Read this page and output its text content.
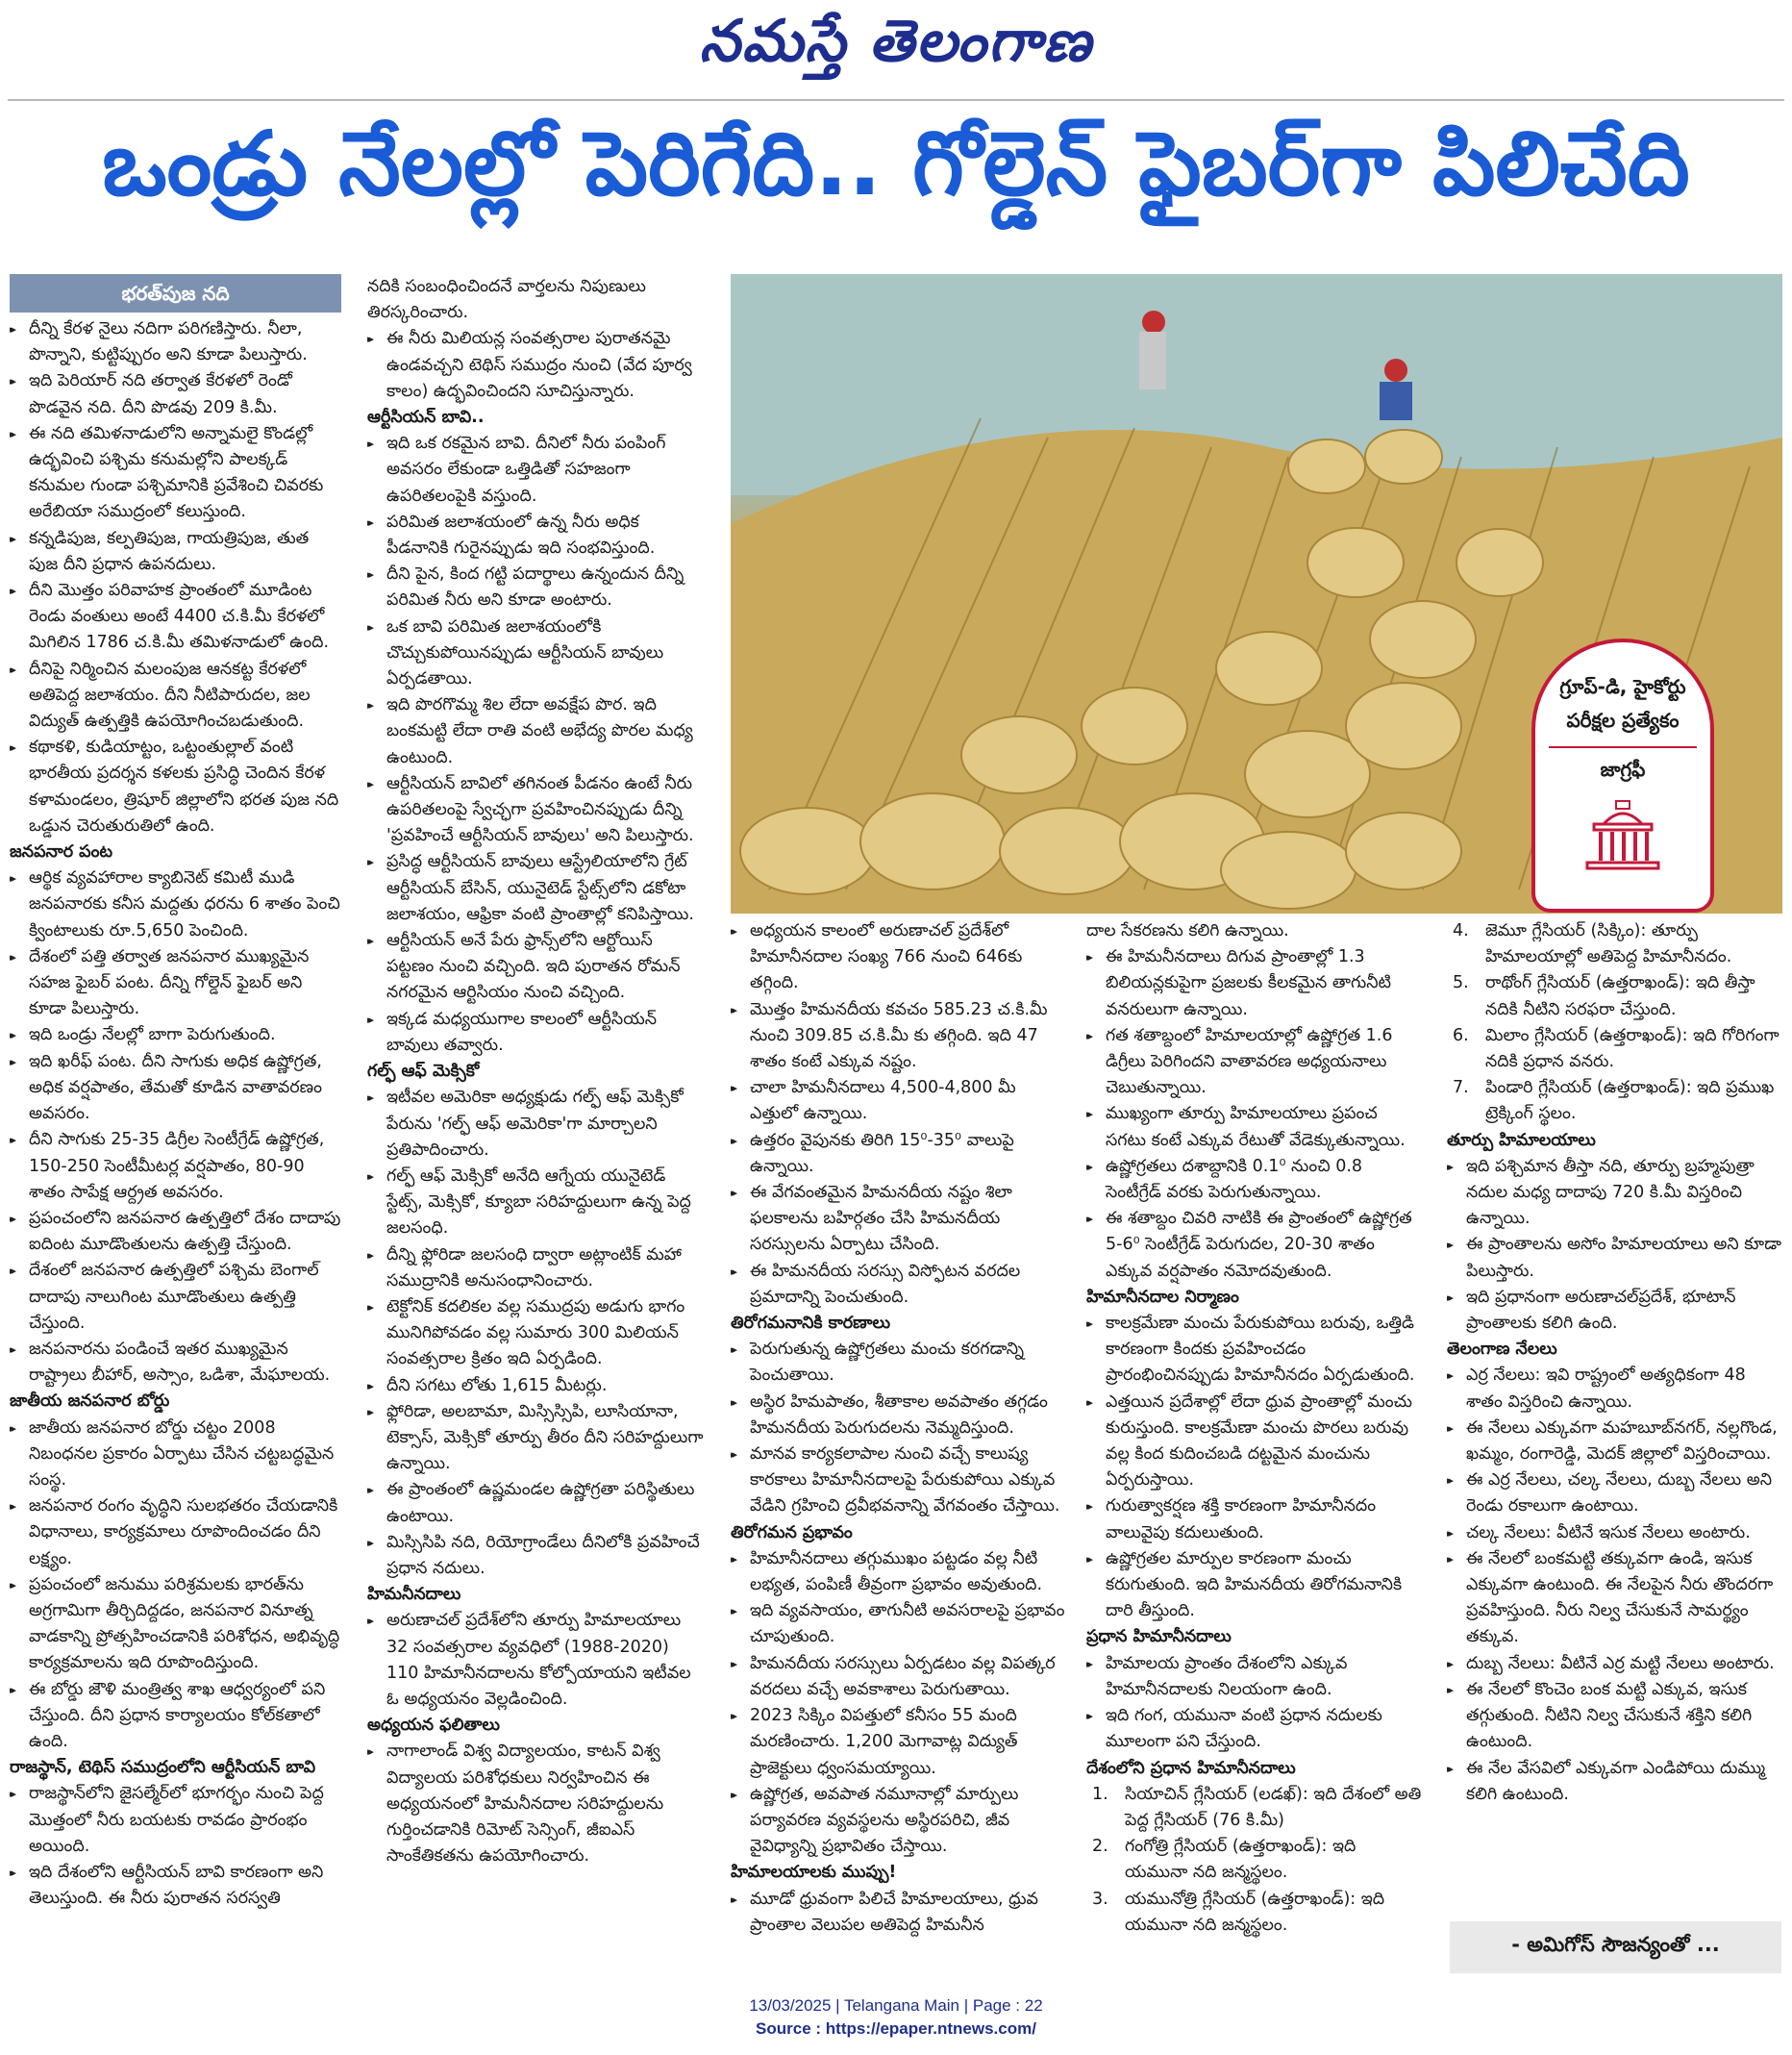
నమస్తే తెలంగాణ
ఒండ్రు నేలల్లో పెరిగేది.. గోల్డెన్ ఫైబర్‌గా పిలిచేది
భరత్‌పుజ నది

▸▸ దీన్ని కేరళ నైలు నదిగా పరిగణిస్తారు. నీలా, పొన్నాని, కుట్టిప్పురం అని కూడా పిలుస్తారు.

▸▸ ఇది పెరియార్ నది తర్వాత కేరళలో రెండో పొడవైన నది. దీని పొడవు 209 కి.మీ.

▸▸ ఈ నది తమిళనాడులోని అన్నామలై కొండల్లో ఉద్భవించి పశ్చిమ కనుమల్లోని పాలక్కడ్ కనుమల గుండా పశ్చిమానికి ప్రవేశించి చివరకు అరేబియా సముద్రంలో కలుస్తుంది.

▸▸ కన్నడిపుజ, కల్పతిపుజ, గాయత్రిపుజ, తుత పుజ దీని ప్రధాన ఉపనదులు.

▸▸ దీని మొత్తం పరివాహక ప్రాంతంలో మూడింట రెండు వంతులు అంటే 4400 చ.కి.మీ కేరళలో మిగిలిన 1786 చ.కి.మీ తమిళనాడులో ఉంది.

▸▸ దీనిపై నిర్మించిన మలంపుజ ఆనకట్ట కేరళలో అతిపెద్ద జలాశయం. దీని నీటిపారుదల, జల విద్యుత్ ఉత్పత్తికి ఉపయోగించబడుతుంది.

▸▸ కథాకళి, కుడియాట్టం, ఒట్టంతుల్లాల్ వంటి భారతీయ ప్రదర్శన కళలకు ప్రసిద్ధి చెందిన కేరళ కళామండలం, త్రిషూర్ జిల్లాలోని భరత పుజ నది ఒడ్డున చెరుతురుతిలో ఉంది.

జనపనార పంట

▸▸ ఆర్థిక వ్యవహారాల క్యాబినెట్ కమిటీ ముడి జనపనారకు కనీస మద్దతు ధరను 6 శాతం పెంచి క్వింటాలుకు రూ.5,650 పెంచింది.

▸▸ దేశంలో పత్తి తర్వాత జనపనార ముఖ్యమైన సహజ ఫైబర్ పంట. దీన్ని గోల్డెన్ ఫైబర్ అని కూడా పిలుస్తారు.

▸▸ ఇది ఒండ్రు నేలల్లో బాగా పెరుగుతుంది.

▸▸ ఇది ఖరీఫ్ పంట. దీని సాగుకు అధిక ఉష్ణోగ్రత, అధిక వర్షపాతం, తేమతో కూడిన వాతావరణం అవసరం.

▸▸ దీని సాగుకు 25-35 డిగ్రీల సెంటీగ్రేడ్ ఉష్ణోగ్రత, 150-250 సెంటీమీటర్ల వర్షపాతం, 80-90 శాతం సాపేక్ష ఆర్ద్రత అవసరం.

▸▸ ప్రపంచంలోని జనపనార ఉత్పత్తిలో దేశం దాదాపు ఐదింట మూడొంతులను ఉత్పత్తి చేస్తుంది.

▸▸ దేశంలో జనపనార ఉత్పత్తిలో పశ్చిమ బెంగాల్ దాదాపు నాలుగింట మూడొంతులు ఉత్పత్తి చేస్తుంది.

▸▸ జనపనారను పండించే ఇతర ముఖ్యమైన రాష్ట్రాలు బీహార్, అస్సాం, ఒడిశా, మేఘాలయ.

జాతీయ జనపనార బోర్డు

▸▸ జాతీయ జనపనార బోర్డు చట్టం 2008 నిబంధనల ప్రకారం ఏర్పాటు చేసిన చట్టబద్ధమైన సంస్థ.

▸▸ జనపనార రంగం వృద్ధిని సులభతరం చేయడానికి విధానాలు, కార్యక్రమాలు రూపొందించడం దీని లక్ష్యం.

▸▸ ప్రపంచంలో జనుము పరిశ్రమలకు భారత్‌ను అగ్రగామిగా తీర్చిదిద్దడం, జనపనార వినూత్న వాడకాన్ని ప్రోత్సహించడానికి పరిశోధన, అభివృద్ధి కార్యక్రమాలను ఇది రూపొందిస్తుంది.

▸▸ ఈ బోర్డు జౌళి మంత్రిత్వ శాఖ ఆధ్వర్యంలో పని చేస్తుంది. దీని ప్రధాన కార్యాలయం కోల్‌కతాలో ఉంది.

రాజస్థాన్, టెథిస్ సముద్రంలోని ఆర్టీసియన్ బావి

▸▸ రాజస్థాన్‌లోని జైసల్మేర్‌లో భూగర్భం నుంచి పెద్ద మొత్తంలో నీరు బయటకు రావడం ప్రారంభం అయింది.

▸▸ ఇది దేశంలోని ఆర్టీసియన్ బావి కారణంగా అని తెలుస్తుంది. ఈ నీరు పురాతన సరస్వతి

నదికి సంబంధించిందనే వార్తలను నిపుణులు తిరస్కరించారు.

▸▸ ఈ నీరు మిలియన్ల సంవత్సరాల పురాతనమై ఉండవచ్చని టెథిస్ సముద్రం నుంచి (వేద పూర్వ కాలం) ఉద్భవించిందని సూచిస్తున్నారు.

ఆర్టీసియన్ బావి..

▸▸ ఇది ఒక రకమైన బావి. దీనిలో నీరు పంపింగ్ అవసరం లేకుండా ఒత్తిడితో సహజంగా ఉపరితలంపైకి వస్తుంది.

▸▸ పరిమిత జలాశయంలో ఉన్న నీరు అధిక పీడనానికి గురైనప్పుడు ఇది సంభవిస్తుంది.

▸▸ దీని పైన, కింద గట్టి పదార్థాలు ఉన్నందున దీన్ని పరిమిత నీరు అని కూడా అంటారు.

▸▸ ఒక బావి పరిమిత జలాశయంలోకి చొచ్చుకుపోయినప్పుడు ఆర్టీసియన్ బావులు ఏర్పడతాయి.

▸▸ ఇది పొరగొమ్మ శిల లేదా అవక్షేప పొర. ఇది బంకమట్టి లేదా రాతి వంటి అభేద్య పొరల మధ్య ఉంటుంది.

▸▸ ఆర్టీసియన్ బావిలో తగినంత పీడనం ఉంటే నీరు ఉపరితలంపై స్వేచ్ఛగా ప్రవహించినప్పుడు దీన్ని 'ప్రవహించే ఆర్టీసియన్ బావులు' అని పిలుస్తారు.

▸▸ ప్రసిద్ధ ఆర్టీసియన్ బావులు ఆస్ట్రేలియాలోని గ్రేట్ ఆర్టీసియన్ బేసిన్, యునైటెడ్ స్టేట్స్‌లోని డకోటా జలాశయం, ఆఫ్రికా వంటి ప్రాంతాల్లో కనిపిస్తాయి.

▸▸ ఆర్టీసియన్ అనే పేరు ఫ్రాన్స్‌లోని ఆర్టోయిస్ పట్టణం నుంచి వచ్చింది. ఇది పురాతన రోమన్ నగరమైన ఆర్టిసియం నుంచి వచ్చింది.

▸▸ ఇక్కడ మధ్యయుగాల కాలంలో ఆర్టీసియన్ బావులు తవ్వారు.

గల్ఫ్ ఆఫ్ మెక్సికో

▸▸ ఇటీవల అమెరికా అధ్యక్షుడు గల్ఫ్ ఆఫ్ మెక్సికో పేరును 'గల్ఫ్ ఆఫ్ అమెరికా'గా మార్చాలని ప్రతిపాదించారు.

▸▸ గల్ఫ్ ఆఫ్ మెక్సికో అనేది ఆగ్నేయ యునైటెడ్ స్టేట్స్, మెక్సికో, క్యూబా సరిహద్దులుగా ఉన్న పెద్ద జలసంధి.

▸▸ దీన్ని ఫ్లోరిడా జలసంధి ద్వారా అట్లాంటిక్ మహా సముద్రానికి అనుసంధానించారు.

▸▸ టెక్టోనిక్ కదలికల వల్ల సముద్రపు అడుగు భాగం మునిగిపోవడం వల్ల సుమారు 300 మిలియన్ సంవత్సరాల క్రితం ఇది ఏర్పడింది.

▸▸ దీని సగటు లోతు 1,615 మీటర్లు.

▸▸ ఫ్లోరిడా, అలబామా, మిస్సిస్సిపి, లూసియానా, టెక్సాస్, మెక్సికో తూర్పు తీరం దీని సరిహద్దులుగా ఉన్నాయి.

▸▸ ఈ ప్రాంతంలో ఉష్ణమండల ఉష్ణోగ్రతా పరిస్థితులు ఉంటాయి.

▸▸ మిస్సిసిపి నది, రియోగ్రాండేలు దీనిలోకి ప్రవహించే ప్రధాన నదులు.

హిమనీనదాలు

▸▸ అరుణాచల్ ప్రదేశ్‌లోని తూర్పు హిమాలయాలు 32 సంవత్సరాల వ్యవధిలో (1988-2020) 110 హిమానీనదాలను కోల్పోయాయని ఇటీవల ఓ అధ్యయనం వెల్లడించింది.

అధ్యయన ఫలితాలు

▸▸ నాగాలాండ్ విశ్వ విద్యాలయం, కాటన్ విశ్వ విద్యాలయ పరిశోధకులు నిర్వహించిన ఈ అధ్యయనంలో హిమనీనదాల సరిహద్దులను గుర్తించడానికి రిమోట్ సెన్సింగ్, జీఐఎస్ సాంకేతికతను ఉపయోగించారు.

గ్రూప్-డి, హైకోర్టు
పరీక్షల ప్రత్యేకం
జాగ్రఫీ

▸▸ అధ్యయన కాలంలో అరుణాచల్ ప్రదేశ్‌లో హిమానీనదాల సంఖ్య 766 నుంచి 646కు తగ్గింది.

▸▸ మొత్తం హిమనదీయ కవచం 585.23 చ.కి.మీ నుంచి 309.85 చ.కి.మీ కు తగ్గింది. ఇది 47 శాతం కంటే ఎక్కువ నష్టం.

▸▸ చాలా హిమనీనదాలు 4,500-4,800 మీ ఎత్తులో ఉన్నాయి.

▸▸ ఉత్తరం వైపునకు తిరిగి 15⁰-35⁰ వాలుపై ఉన్నాయి.

▸▸ ఈ వేగవంతమైన హిమనదీయ నష్టం శిలా ఫలకాలను బహిర్గతం చేసి హిమనదీయ సరస్సులను ఏర్పాటు చేసింది.

▸▸ ఈ హిమనదీయ సరస్సు విస్ఫోటన వరదల ప్రమాదాన్ని పెంచుతుంది.

తిరోగమనానికి కారణాలు

▸▸ పెరుగుతున్న ఉష్ణోగ్రతలు మంచు కరగడాన్ని పెంచుతాయి.

▸▸ అస్థిర హిమపాతం, శీతాకాల అవపాతం తగ్గడం హిమనదీయ పెరుగుదలను నెమ్మదిస్తుంది.

▸▸ మానవ కార్యకలాపాల నుంచి వచ్చే కాలుష్య కారకాలు హిమానీనదాలపై పేరుకుపోయి ఎక్కువ వేడిని గ్రహించి ద్రవీభవనాన్ని వేగవంతం చేస్తాయి.

తిరోగమన ప్రభావం

▸▸ హిమానీనదాలు తగ్గుముఖం పట్టడం వల్ల నీటి లభ్యత, పంపిణీ తీవ్రంగా ప్రభావం అవుతుంది.

▸▸ ఇది వ్యవసాయం, తాగునీటి అవసరాలపై ప్రభావం చూపుతుంది.

▸▸ హిమనదీయ సరస్సులు ఏర్పడటం వల్ల విపత్కర వరదలు వచ్చే అవకాశాలు పెరుగుతాయి.

▸▸ 2023 సిక్కిం విపత్తులో కనీసం 55 మంది మరణించారు. 1,200 మెగావాట్ల విద్యుత్ ప్రాజెక్టులు ధ్వంసమయ్యాయి.

▸▸ ఉష్ణోగ్రత, అవపాత నమూనాల్లో మార్పులు పర్యావరణ వ్యవస్థలను అస్థిరపరిచి, జీవ వైవిధ్యాన్ని ప్రభావితం చేస్తాయి.

హిమాలయాలకు ముప్పు!

▸▸ మూడో ధ్రువంగా పిలిచే హిమాలయాలు, ధ్రువ ప్రాంతాల వెలుపల అతిపెద్ద హిమనీన

దాల సేకరణను కలిగి ఉన్నాయి.

▸▸ ఈ హిమనీనదాలు దిగువ ప్రాంతాల్లో 1.3 బిలియన్లకుపైగా ప్రజలకు కీలకమైన తాగునీటి వనరులుగా ఉన్నాయి.

▸▸ గత శతాబ్దంలో హిమాలయాల్లో ఉష్ణోగ్రత 1.6 డిగ్రీలు పెరిగిందని వాతావరణ అధ్యయనాలు చెబుతున్నాయి.

▸▸ ముఖ్యంగా తూర్పు హిమాలయాలు ప్రపంచ సగటు కంటే ఎక్కువ రేటుతో వేడెక్కుతున్నాయి.

▸▸ ఉష్ణోగ్రతలు దశాబ్దానికి 0.1⁰ నుంచి 0.8 సెంటీగ్రేడ్ వరకు పెరుగుతున్నాయి.

▸▸ ఈ శతాబ్దం చివరి నాటికి ఈ ప్రాంతంలో ఉష్ణోగ్రత 5-6⁰ సెంటీగ్రేడ్ పెరుగుదల, 20-30 శాతం ఎక్కువ వర్షపాతం నమోదవుతుంది.

హిమానీనదాల నిర్మాణం

▸▸ కాలక్రమేణా మంచు పేరుకుపోయి బరువు, ఒత్తిడి కారణంగా కిందకు ప్రవహించడం ప్రారంభించినప్పుడు హిమానీనదం ఏర్పడుతుంది.

▸▸ ఎత్తయిన ప్రదేశాల్లో లేదా ధ్రువ ప్రాంతాల్లో మంచు కురుస్తుంది. కాలక్రమేణా మంచు పొరలు బరువు వల్ల కింద కుదించబడి దట్టమైన మంచును ఏర్పరుస్తాయి.

▸▸ గురుత్వాకర్షణ శక్తి కారణంగా హిమానీనదం వాలువైపు కదులుతుంది.

▸▸ ఉష్ణోగ్రతల మార్పుల కారణంగా మంచు కరుగుతుంది. ఇది హిమనదీయ తిరోగమనానికి దారి తీస్తుంది.

ప్రధాన హిమానీనదాలు

▸▸ హిమాలయ ప్రాంతం దేశంలోని ఎక్కువ హిమానీనదాలకు నిలయంగా ఉంది.

▸▸ ఇది గంగ, యమునా వంటి ప్రధాన నదులకు మూలంగా పని చేస్తుంది.

దేశంలోని ప్రధాన హిమానీనదాలు

1. సియాచిన్ గ్లేసియర్ (లడఖ్): ఇది దేశంలో అతి పెద్ద గ్లేసియర్ (76 కి.మీ)

2. గంగోత్రి గ్లేసియర్ (ఉత్తరాఖండ్): ఇది యమునా నది జన్మస్థలం.

3. యమునోత్రి గ్లేసియర్ (ఉత్తరాఖండ్): ఇది యమునా నది జన్మస్థలం.

4. జెమూ గ్లేసియర్ (సిక్కిం): తూర్పు హిమాలయాల్లో అతిపెద్ద హిమానీనదం.

5. రాథోంగ్ గ్లేసియర్ (ఉత్తరాఖండ్): ఇది తీస్తా నదికి నీటిని సరఫరా చేస్తుంది.

6. మిలాం గ్లేసియర్ (ఉత్తరాఖండ్): ఇది గోరిగంగా నదికి ప్రధాన వనరు.

7. పిండారి గ్లేసియర్ (ఉత్తరాఖండ్): ఇది ప్రముఖ ట్రెక్కింగ్ స్థలం.

తూర్పు హిమాలయాలు

▸▸ ఇది పశ్చిమాన తీస్తా నది, తూర్పు బ్రహ్మపుత్రా నదుల మధ్య దాదాపు 720 కి.మీ విస్తరించి ఉన్నాయి.

▸▸ ఈ ప్రాంతాలను అసోం హిమాలయాలు అని కూడా పిలుస్తారు.

▸▸ ఇది ప్రధానంగా అరుణాచల్‌ప్రదేశ్, భూటాన్ ప్రాంతాలకు కలిగి ఉంది.

తెలంగాణ నేలలు

▸▸ ఎర్ర నేలలు: ఇవి రాష్ట్రంలో అత్యధికంగా 48 శాతం విస్తరించి ఉన్నాయి.

▸▸ ఈ నేలలు ఎక్కువగా మహబూబ్‌నగర్, నల్లగొండ, ఖమ్మం, రంగారెడ్డి, మెదక్ జిల్లాలో విస్తరించాయి.

▸▸ ఈ ఎర్ర నేలలు, చల్క నేలలు, దుబ్బ నేలలు అని రెండు రకాలుగా ఉంటాయి.

▸▸ చల్క నేలలు: వీటినే ఇసుక నేలలు అంటారు.

▸▸ ఈ నేలలో బంకమట్టి తక్కువగా ఉండి, ఇసుక ఎక్కువగా ఉంటుంది. ఈ నేలపైన నీరు తొందరగా ప్రవహిస్తుంది. నీరు నిల్వ చేసుకునే సామర్థ్యం తక్కువ.

▸▸ దుబ్బ నేలలు: వీటినే ఎర్ర మట్టి నేలలు అంటారు.

▸▸ ఈ నేలలో కొంచెం బంక మట్టి ఎక్కువ, ఇసుక తగ్గుతుంది. నీటిని నిల్వ చేసుకునే శక్తిని కలిగి ఉంటుంది.

▸▸ ఈ నేల వేసవిలో ఎక్కువగా ఎండిపోయి దుమ్ము కలిగి ఉంటుంది.

- అమిగోస్ సౌజన్యంతో ...
13/03/2025 | Telangana Main | Page : 22
Source : https://epaper.ntnews.com/
